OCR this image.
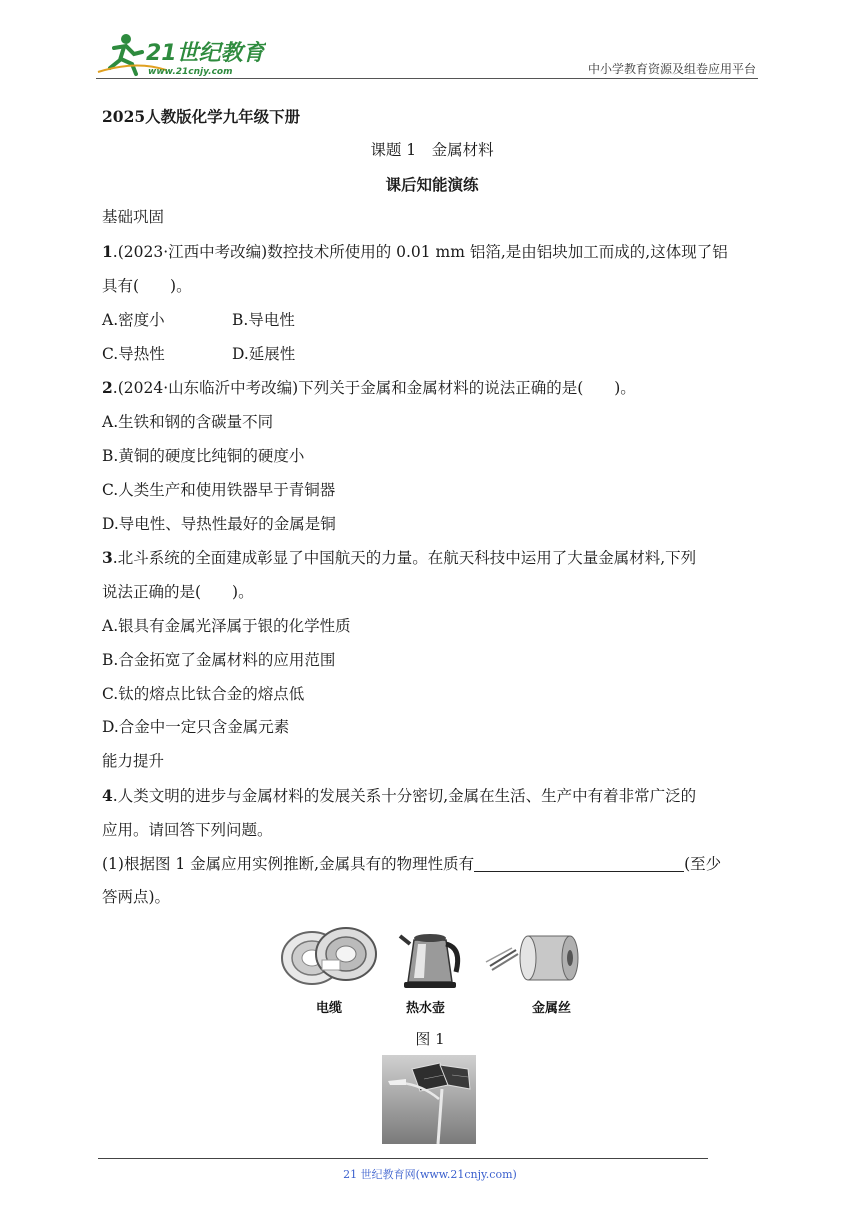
21世纪教育
www.21cnjy.com	中小学教育资源及组卷应用平台

2025人教版化学九年级下册

课题 1　金属材料

课后知能演练

基础巩固

1.(2023·江西中考改编)数控技术所使用的 0.01 mm 铝箔,是由铝块加工而成的,这体现了铝

具有(　　)。

A.密度小	B.导电性

C.导热性	D.延展性

2.(2024·山东临沂中考改编)下列关于金属和金属材料的说法正确的是(　　)。

A.生铁和钢的含碳量不同

B.黄铜的硬度比纯铜的硬度小

C.人类生产和使用铁器早于青铜器

D.导电性、导热性最好的金属是铜

3.北斗系统的全面建成彰显了中国航天的力量。在航天科技中运用了大量金属材料,下列

说法正确的是(　　)。

A.银具有金属光泽属于银的化学性质

B.合金拓宽了金属材料的应用范围

C.钛的熔点比钛合金的熔点低

D.合金中一定只含金属元素

能力提升

4.人类文明的进步与金属材料的发展关系十分密切,金属在生活、生产中有着非常广泛的

应用。请回答下列问题。

(1)根据图 1 金属应用实例推断,金属具有的物理性质有	(至少

答两点)。

电缆	热水壶	金属丝
图 1
21 世纪教育网(www.21cnjy.com)
